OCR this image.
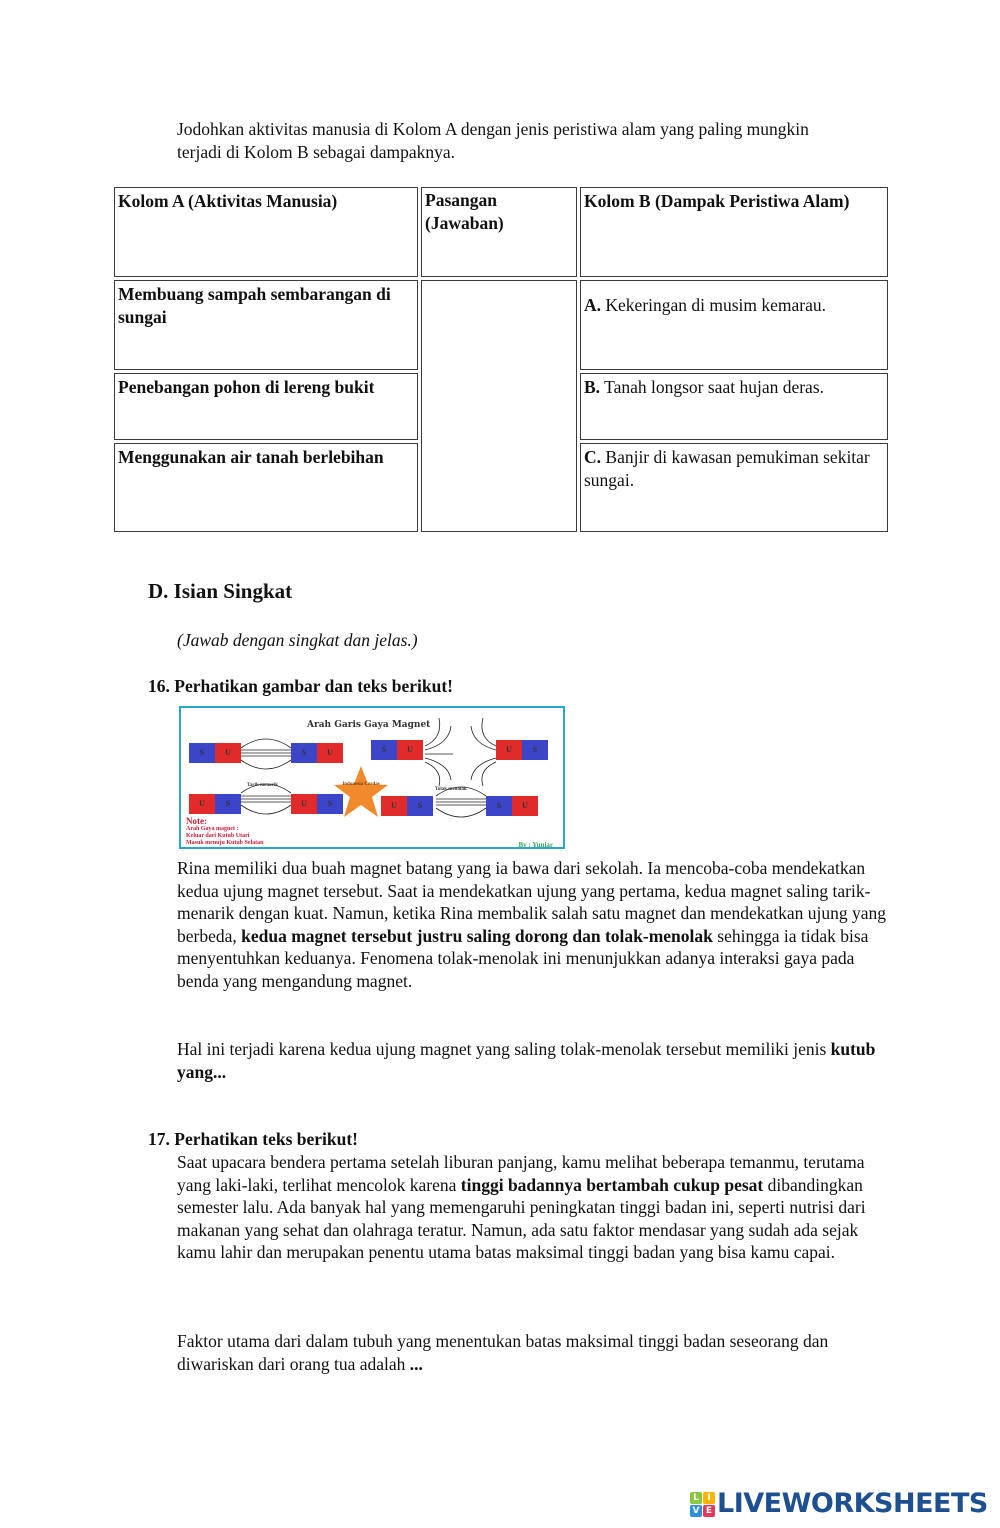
Jodohkan aktivitas manusia di Kolom A dengan jenis peristiwa alam yang paling mungkin terjadi di Kolom B sebagai dampaknya.
Kolom A (Aktivitas Manusia)	Pasangan (Jawaban)	Kolom B (Dampak Peristiwa Alam)
Membuang sampah sembarangan di sungai		A. Kekeringan di musim kemarau.
Penebangan pohon di lereng bukit		B. Tanah longsor saat hujan deras.
Menggunakan air tanah berlebihan		C. Banjir di kawasan pemukiman sekitar sungai.
D. Isian Singkat
(Jawab dengan singkat dan jelas.)
16. Perhatikan gambar dan teks berikut!
Arah Garis Gaya Magnet
S	U	S	U	S	U	U	S
U	S	U	S	U	S	S	U
Tarik menarik
Tolak menolak
Indonesia Cerdas
Note:
Arah Gaya magnet :
Keluar dari Kutub Utari
Masuk menuju Kutub Selatan	By : Yuniar
Rina memiliki dua buah magnet batang yang ia bawa dari sekolah. Ia mencoba-coba mendekatkan kedua ujung magnet tersebut. Saat ia mendekatkan ujung yang pertama, kedua magnet saling tarik-menarik dengan kuat. Namun, ketika Rina membalik salah satu magnet dan mendekatkan ujung yang berbeda, kedua magnet tersebut justru saling dorong dan tolak-menolak sehingga ia tidak bisa menyentuhkan keduanya. Fenomena tolak-menolak ini menunjukkan adanya interaksi gaya pada benda yang mengandung magnet.
Hal ini terjadi karena kedua ujung magnet yang saling tolak-menolak tersebut memiliki jenis kutub yang...
17. Perhatikan teks berikut!
Saat upacara bendera pertama setelah liburan panjang, kamu melihat beberapa temanmu, terutama yang laki-laki, terlihat mencolok karena tinggi badannya bertambah cukup pesat dibandingkan semester lalu. Ada banyak hal yang memengaruhi peningkatan tinggi badan ini, seperti nutrisi dari makanan yang sehat dan olahraga teratur. Namun, ada satu faktor mendasar yang sudah ada sejak kamu lahir dan merupakan penentu utama batas maksimal tinggi badan yang bisa kamu capai.
Faktor utama dari dalam tubuh yang menentukan batas maksimal tinggi badan seseorang dan diwariskan dari orang tua adalah ...
L I
V E LIVEWORKSHEETS
